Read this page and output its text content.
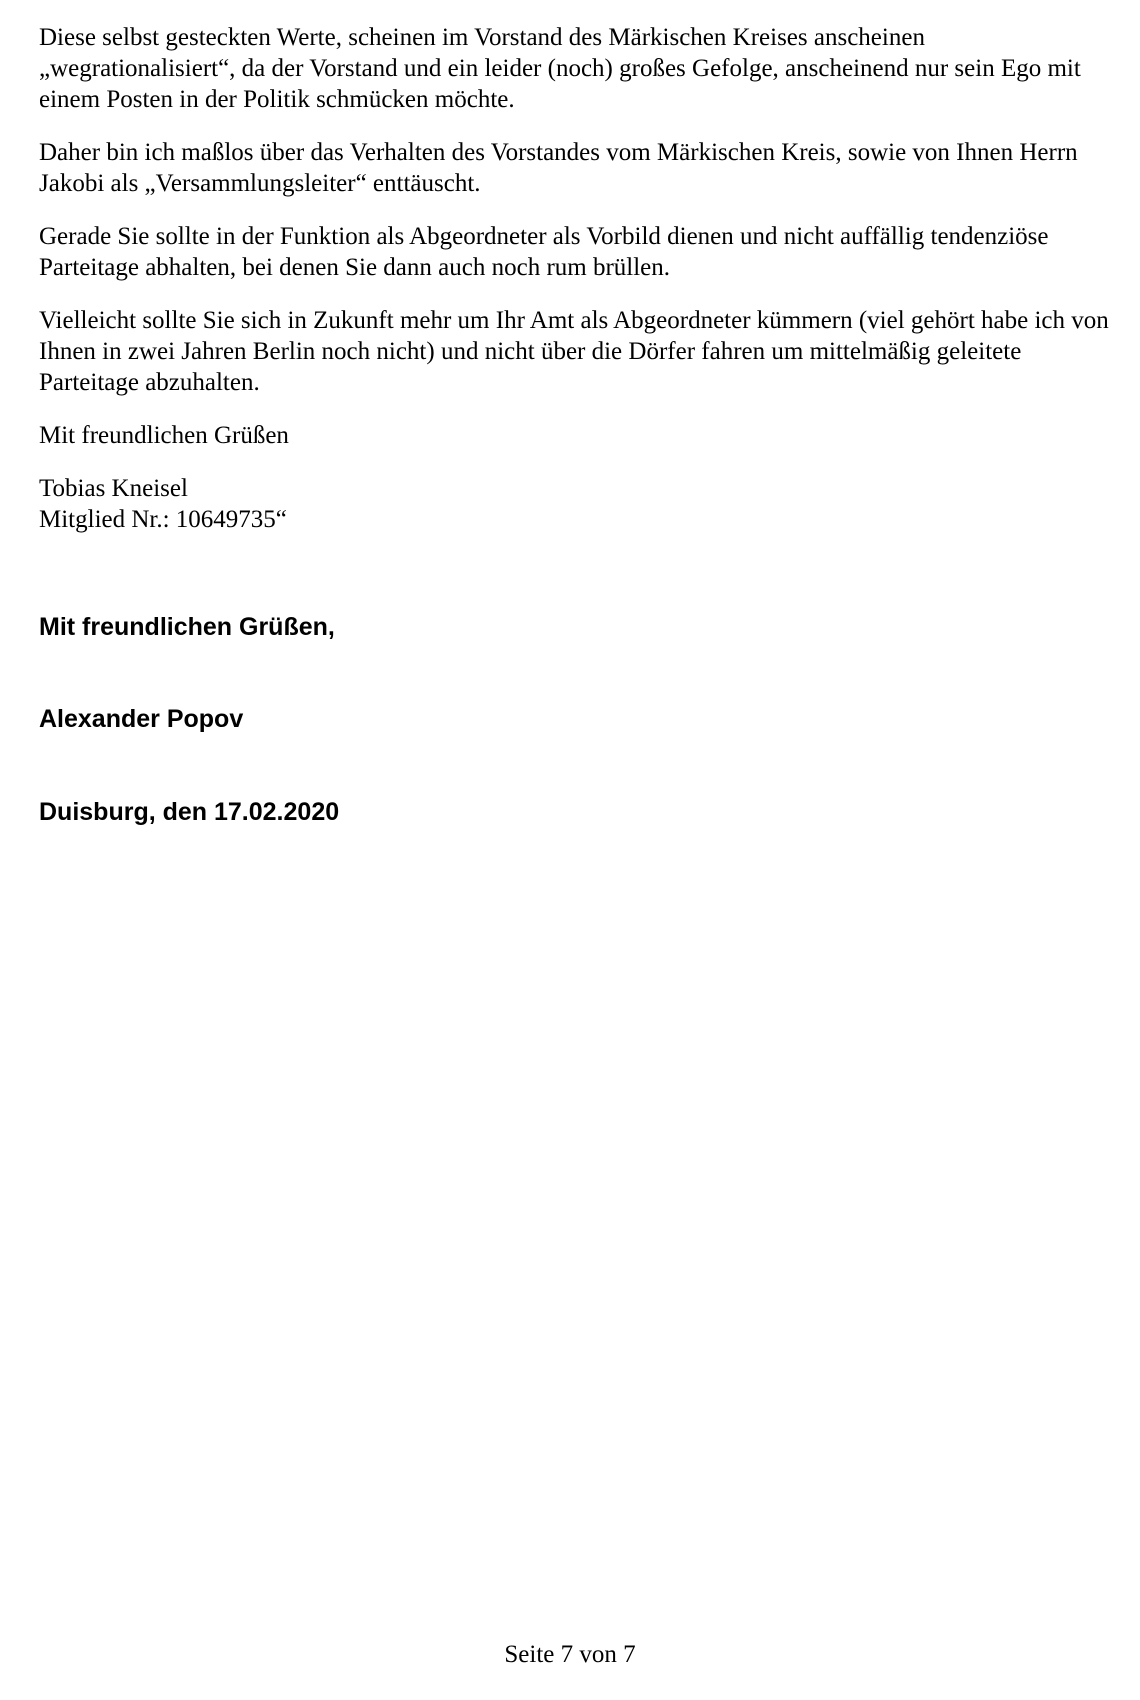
Diese selbst gesteckten Werte, scheinen im Vorstand des Märkischen Kreises anscheinen „wegrationalisiert“, da der Vorstand und ein leider (noch) großes Gefolge, anscheinend nur sein Ego mit einem Posten in der Politik schmücken möchte.

Daher bin ich maßlos über das Verhalten des Vorstandes vom Märkischen Kreis, sowie von Ihnen Herrn Jakobi als „Versammlungsleiter“ enttäuscht.

Gerade Sie sollte in der Funktion als Abgeordneter als Vorbild dienen und nicht auffällig tendenziöse Parteitage abhalten, bei denen Sie dann auch noch rum brüllen.

Vielleicht sollte Sie sich in Zukunft mehr um Ihr Amt als Abgeordneter kümmern (viel gehört habe ich von Ihnen in zwei Jahren Berlin noch nicht) und nicht über die Dörfer fahren um mittelmäßig geleitete Parteitage abzuhalten.

Mit freundlichen Grüßen

Tobias Kneisel
Mitglied Nr.: 10649735“

Mit freundlichen Grüßen,
Alexander Popov
Duisburg, den 17.02.2020
Seite 7 von 7
